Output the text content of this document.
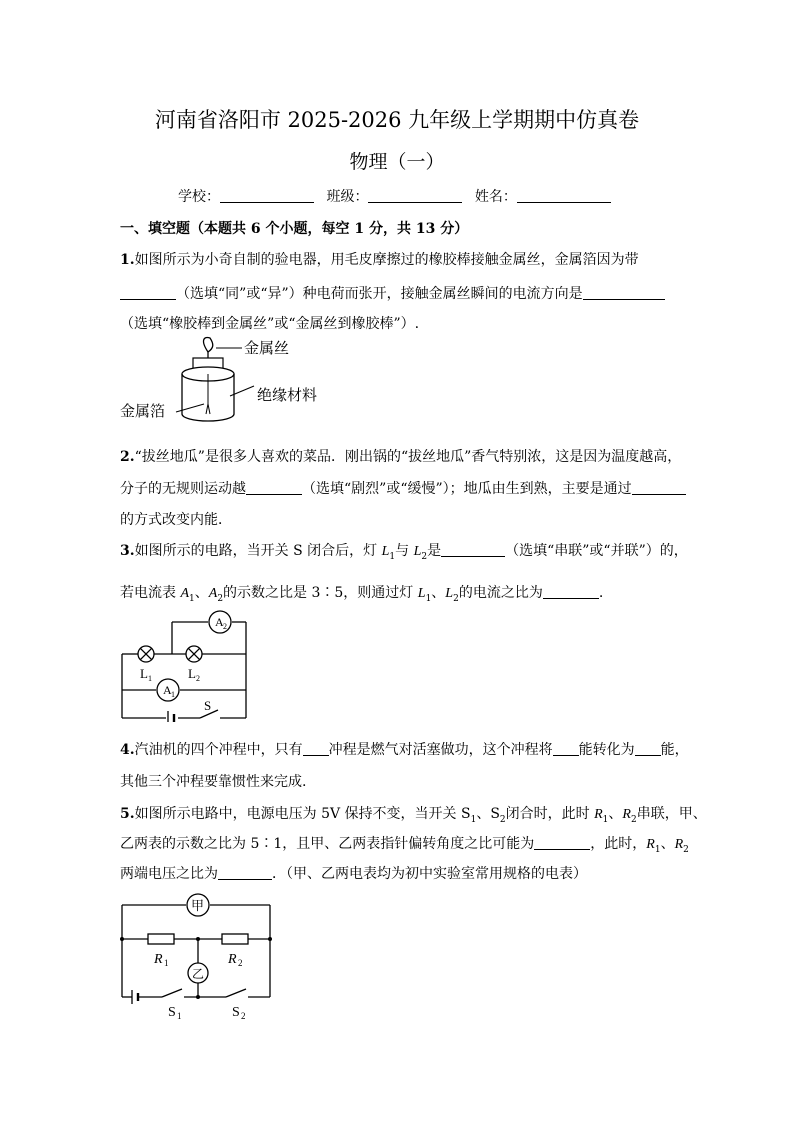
河南省洛阳市 2025-2026 九年级上学期期中仿真卷
物理（一）
学校：	班级：	姓名：
一、填空题（本题共 6 个小题，每空 1 分，共 13 分）
1.如图所示为小奇自制的验电器，用毛皮摩擦过的橡胶棒接触金属丝，金属箔因为带
（选填“同”或“异”）种电荷而张开，接触金属丝瞬间的电流方向是
（选填“橡胶棒到金属丝”或“金属丝到橡胶棒”）.
金属丝
绝缘材料
金属箔
2.“拔丝地瓜”是很多人喜欢的菜品．刚出锅的“拔丝地瓜”香气特别浓，这是因为温度越高，
分子的无规则运动越	（选填“剧烈”或“缓慢”）；地瓜由生到熟，主要是通过
的方式改变内能．
3.如图所示的电路，当开关 S 闭合后，灯 $L_1$与 $L_2$是	（选填“串联”或“并联”）的，
若电流表 $A_1$、$A_2$的示数之比是 3∶5，则通过灯 $L_1$、$L_2$的电流之比为	.
A 2
A 1
L 1	L 2
S
4.汽油机的四个冲程中，只有 冲程是燃气对活塞做功，这个冲程将 能转化为 能，
其他三个冲程要靠惯性来完成.
5.如图所示电路中，电源电压为 5V 保持不变，当开关 $S_1$、$S_2$闭合时，此时 $R_1$、$R_2$串联，甲、
乙两表的示数之比为 5∶1，且甲、乙两表指针偏转角度之比可能为	，此时，$R_1$、$R_2$
两端电压之比为	．（甲、乙两电表均为初中实验室常用规格的电表）
甲
乙
R 1	R 2
S 1	S 2
